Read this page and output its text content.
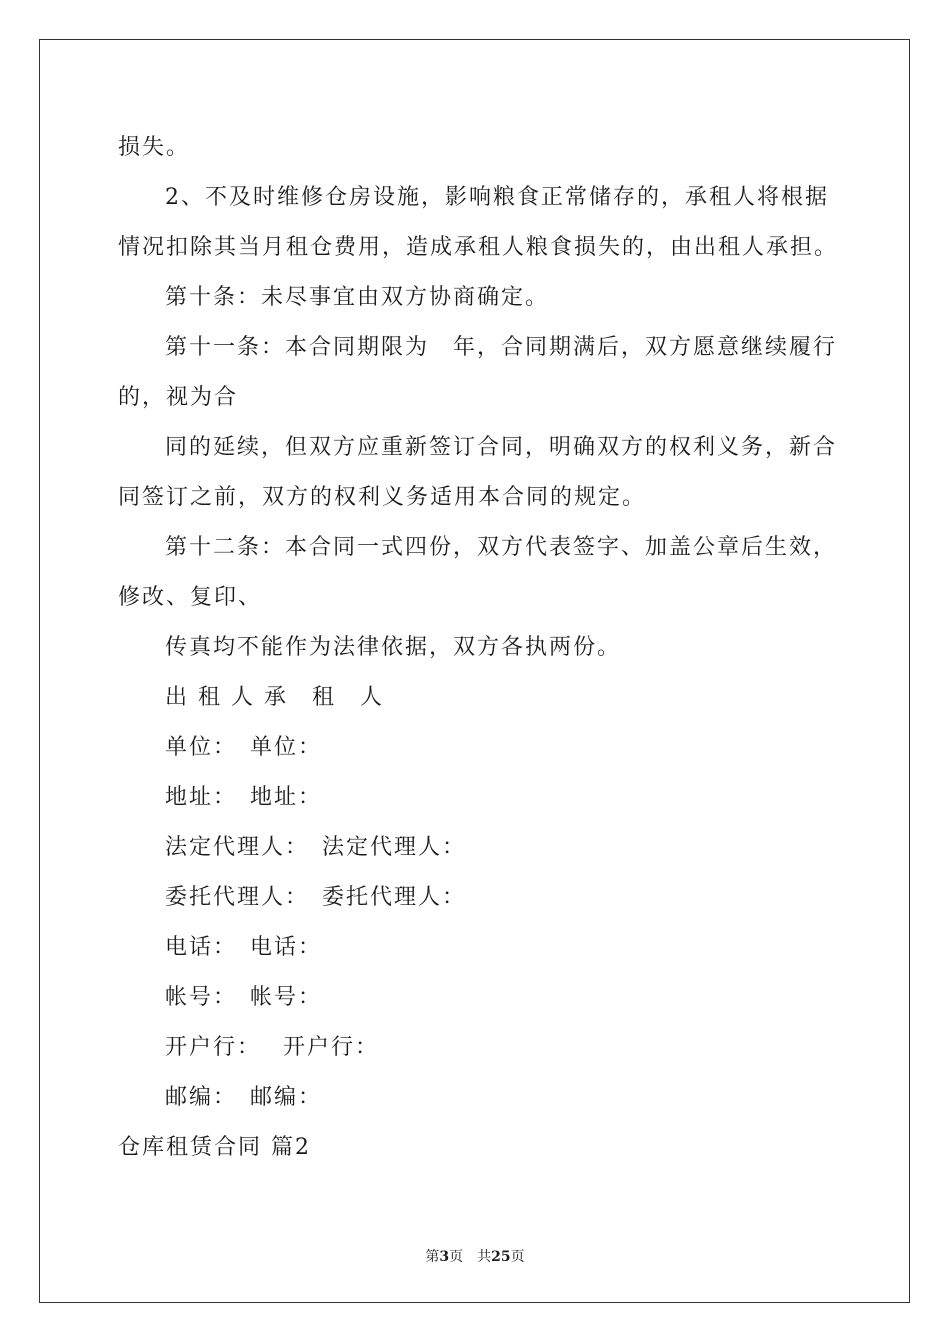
损失。
2、不及时维修仓房设施，影响粮食正常储存的，承租人将根据
情况扣除其当月租仓费用，造成承租人粮食损失的，由出租人承担。
第十条：未尽事宜由双方协商确定。
第十一条：本合同期限为　年，合同期满后，双方愿意继续履行
的，视为合
同的延续，但双方应重新签订合同，明确双方的权利义务，新合
同签订之前，双方的权利义务适用本合同的规定。
第十二条：本合同一式四份，双方代表签字、加盖公章后生效，
修改、复印、
传真均不能作为法律依据，双方各执两份。
出 租 人 承　租　人
单位：　单位：
地址：　地址：
法定代理人：　法定代理人：
委托代理人：　委托代理人：
电话：　电话：
帐号：　帐号：
开户行：　 开户行：
邮编：　邮编：
仓库租赁合同 篇2
第3页　共25页
